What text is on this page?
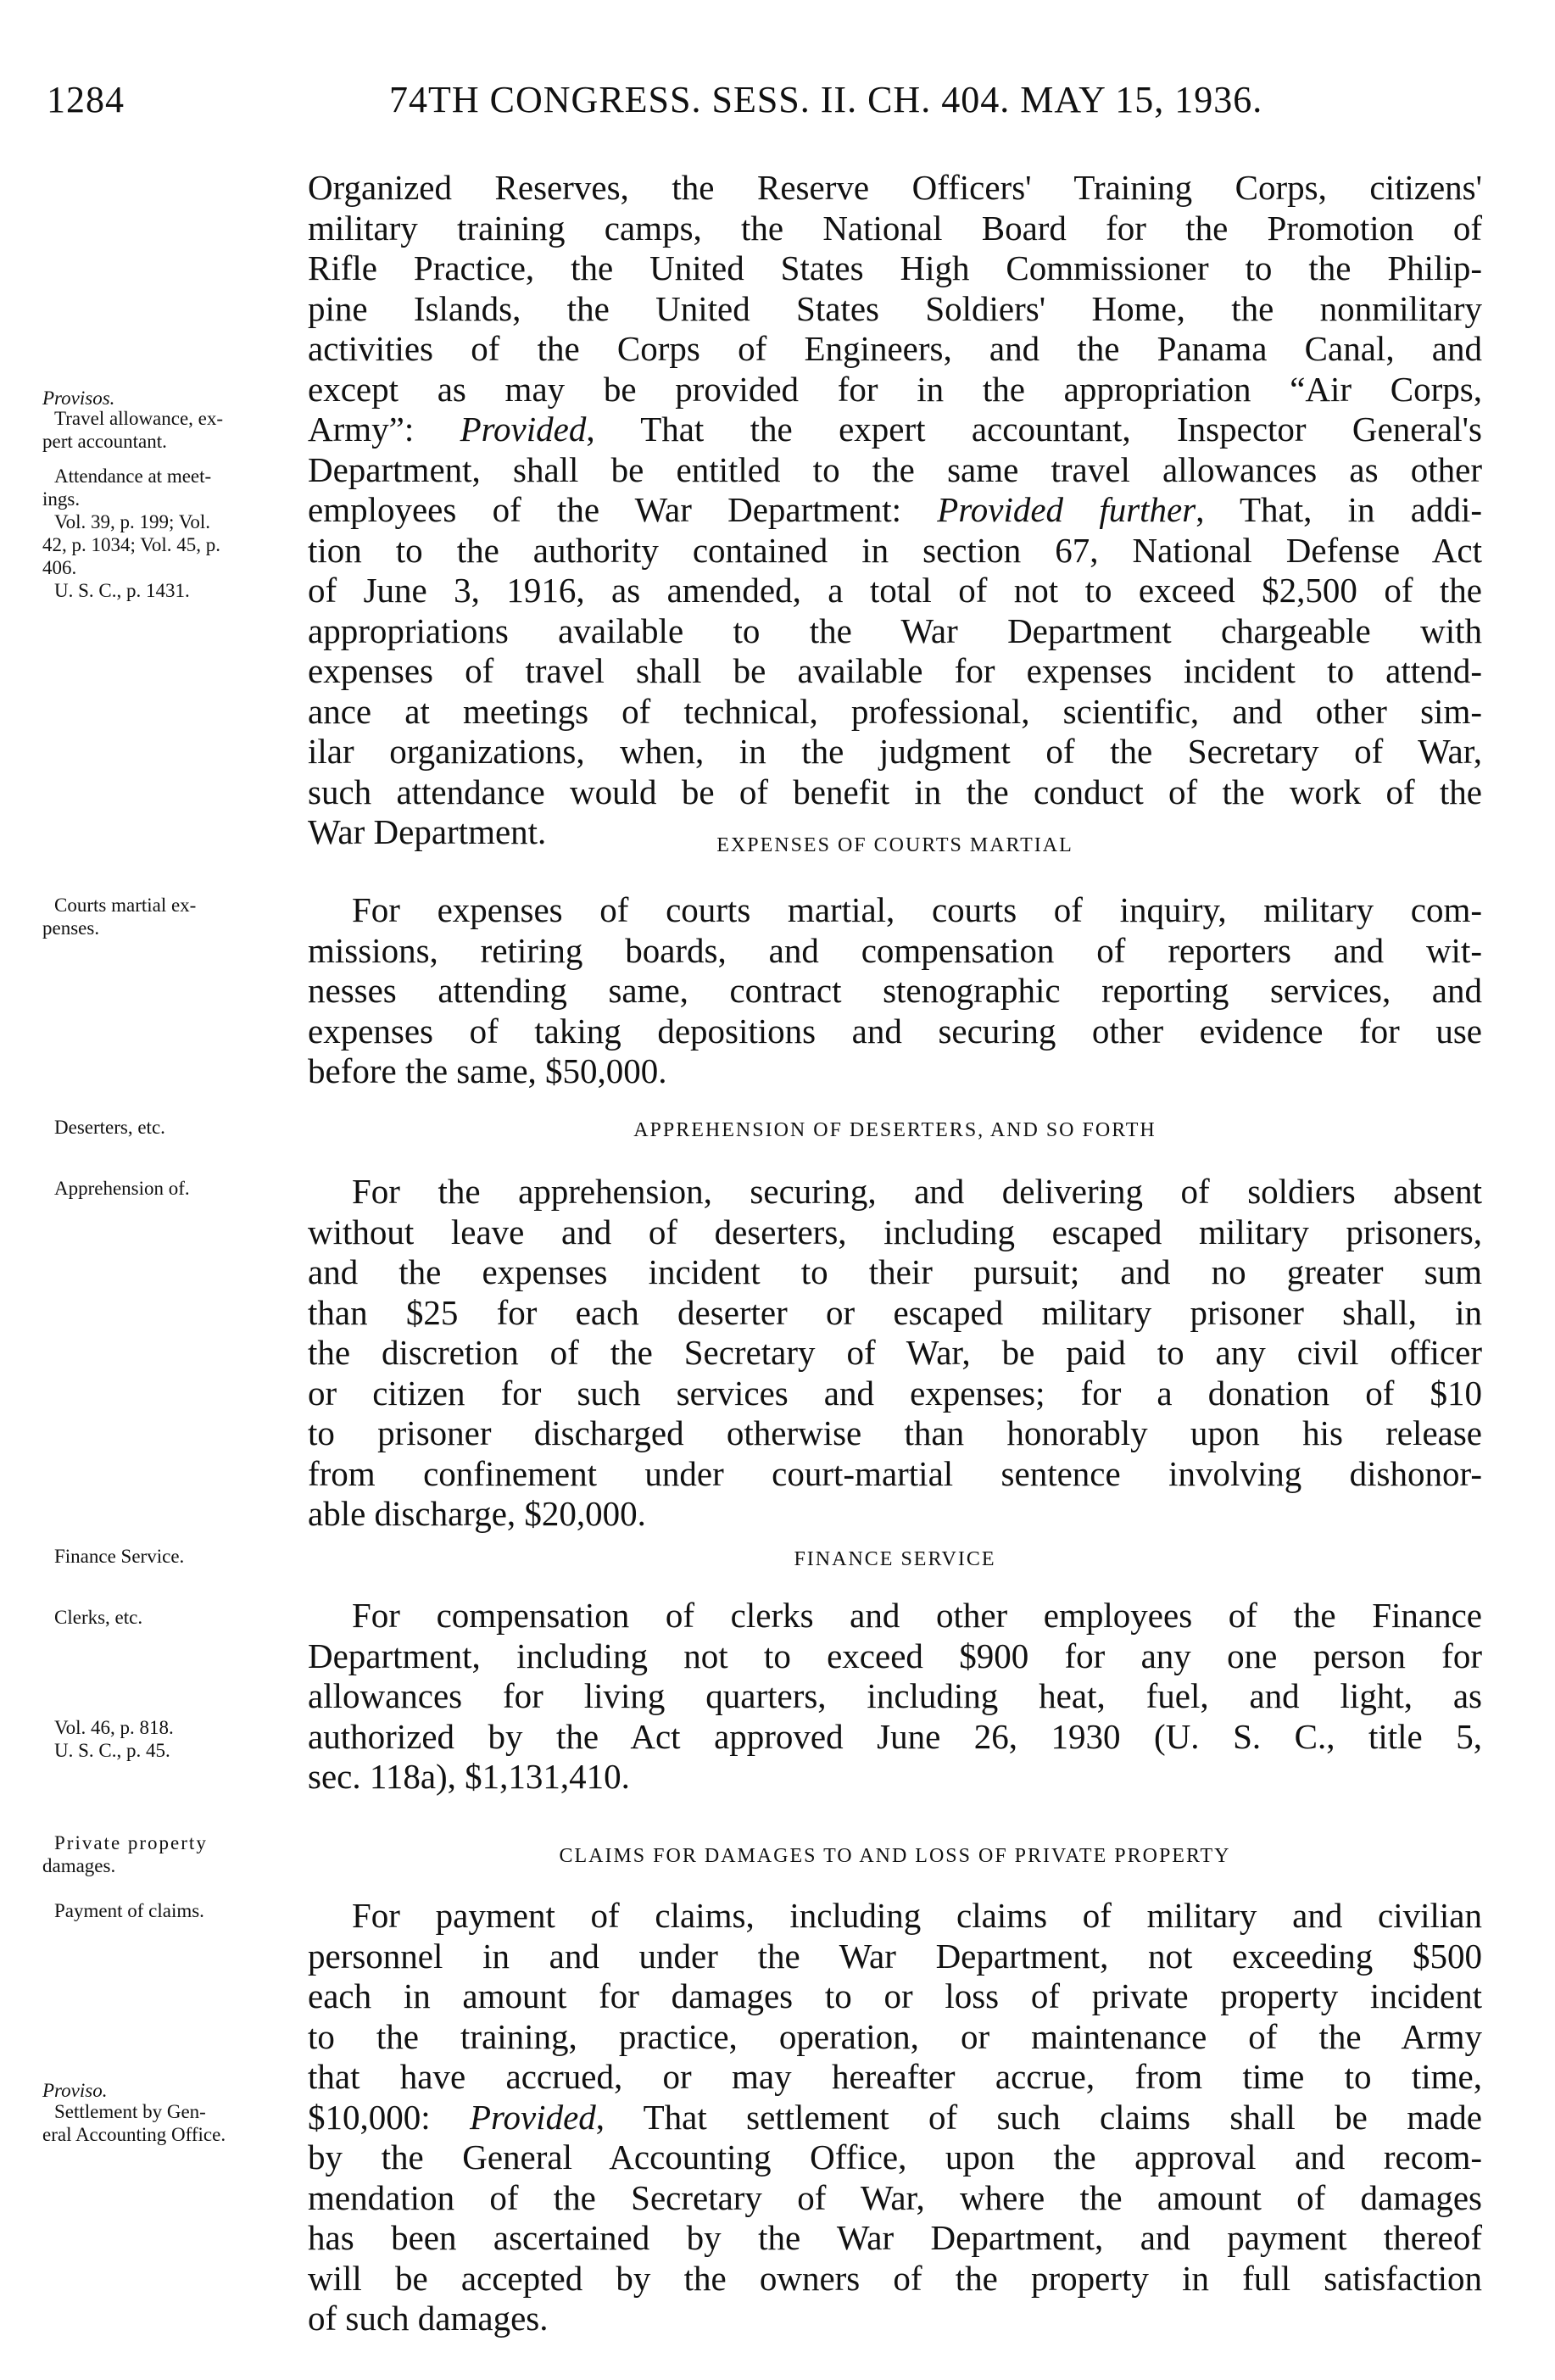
1284	74TH CONGRESS. SESS. II. CH. 404. MAY 15, 1936.
Organized Reserves, the Reserve Officers' Training Corps, citizens'
military training camps, the National Board for the Promotion of
Rifle Practice, the United States High Commissioner to the Philip-
pine Islands, the United States Soldiers' Home, the nonmilitary
activities of the Corps of Engineers, and the Panama Canal, and
except as may be provided for in the appropriation “Air Corps,
Army”: Provided, That the expert accountant, Inspector General's
Department, shall be entitled to the same travel allowances as other
employees of the War Department: Provided further, That, in addi-
tion to the authority contained in section 67, National Defense Act
of June 3, 1916, as amended, a total of not to exceed $2,500 of the
appropriations available to the War Department chargeable with
expenses of travel shall be available for expenses incident to attend-
ance at meetings of technical, professional, scientific, and other sim-
ilar organizations, when, in the judgment of the Secretary of War,
such attendance would be of benefit in the conduct of the work of the
War Department.	EXPENSES OF COURTS MARTIAL
For expenses of courts martial, courts of inquiry, military com-
missions, retiring boards, and compensation of reporters and wit-
nesses attending same, contract stenographic reporting services, and
expenses of taking depositions and securing other evidence for use
before the same, $50,000.
APPREHENSION OF DESERTERS, AND SO FORTH
For the apprehension, securing, and delivering of soldiers absent
without leave and of deserters, including escaped military prisoners,
and the expenses incident to their pursuit; and no greater sum
than $25 for each deserter or escaped military prisoner shall, in
the discretion of the Secretary of War, be paid to any civil officer
or citizen for such services and expenses; for a donation of $10
to prisoner discharged otherwise than honorably upon his release
from confinement under court-martial sentence involving dishonor-
able discharge, $20,000.
FINANCE SERVICE
For compensation of clerks and other employees of the Finance
Department, including not to exceed $900 for any one person for
allowances for living quarters, including heat, fuel, and light, as
authorized by the Act approved June 26, 1930 (U. S. C., title 5,
sec. 118a), $1,131,410.
CLAIMS FOR DAMAGES TO AND LOSS OF PRIVATE PROPERTY
For payment of claims, including claims of military and civilian
personnel in and under the War Department, not exceeding $500
each in amount for damages to or loss of private property incident
to the training, practice, operation, or maintenance of the Army
that have accrued, or may hereafter accrue, from time to time,
$10,000: Provided, That settlement of such claims shall be made
by the General Accounting Office, upon the approval and recom-
mendation of the Secretary of War, where the amount of damages
has been ascertained by the War Department, and payment thereof
will be accepted by the owners of the property in full satisfaction
of such damages.
Provisos.
Travel allowance, ex-
pert accountant.
Attendance at meet-
ings.
Vol. 39, p. 199; Vol.
42, p. 1034; Vol. 45, p.
406.
U. S. C., p. 1431.
Courts martial ex-
penses.
Deserters, etc.
Apprehension of.
Finance Service.
Clerks, etc.
Vol. 46, p. 818.
U. S. C., p. 45.
Private property
damages.
Payment of claims.
Proviso.
Settlement by Gen-
eral Accounting Office.
